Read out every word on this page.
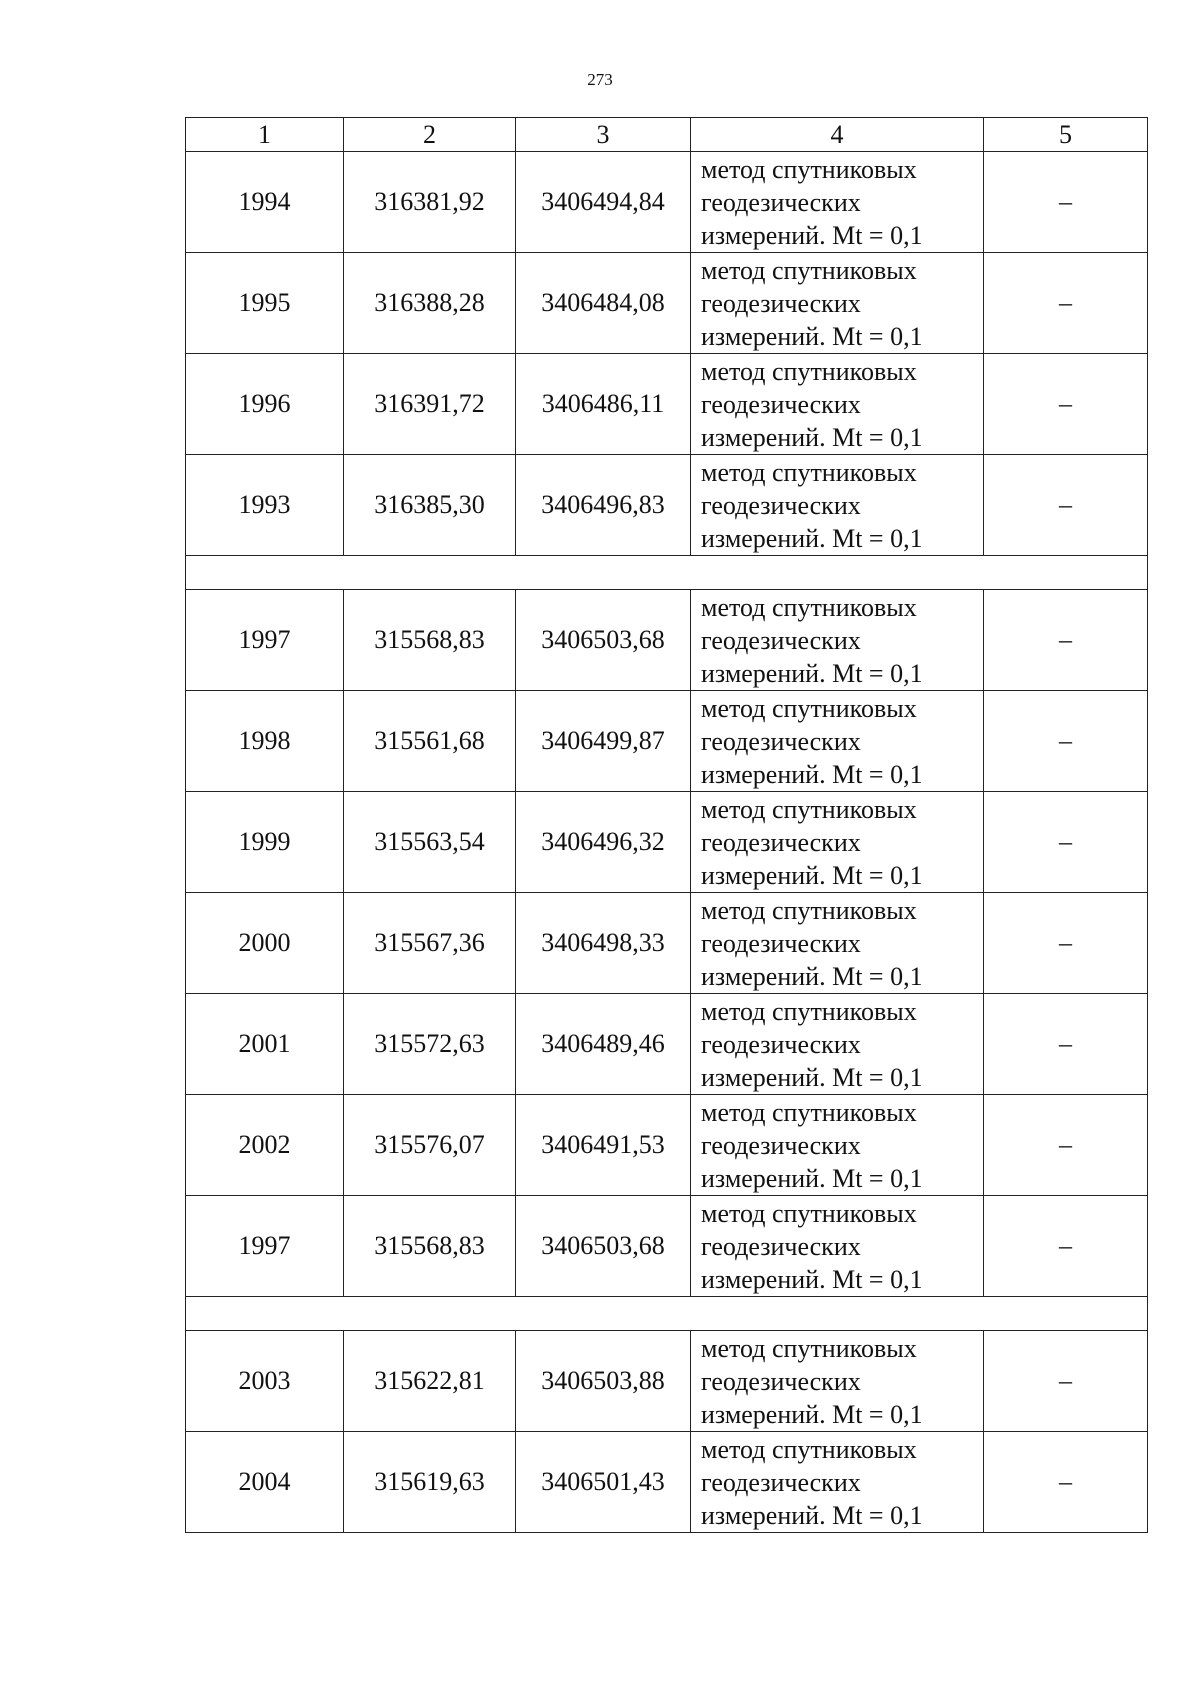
273
1	2	3	4	5
1994	316381,92	3406494,84	метод спутниковых
геодезических
измерений. Mt = 0,1	–
1995	316388,28	3406484,08	метод спутниковых
геодезических
измерений. Mt = 0,1	–
1996	316391,72	3406486,11	метод спутниковых
геодезических
измерений. Mt = 0,1	–
1993	316385,30	3406496,83	метод спутниковых
геодезических
измерений. Mt = 0,1	–

1997	315568,83	3406503,68	метод спутниковых
геодезических
измерений. Mt = 0,1	–
1998	315561,68	3406499,87	метод спутниковых
геодезических
измерений. Mt = 0,1	–
1999	315563,54	3406496,32	метод спутниковых
геодезических
измерений. Mt = 0,1	–
2000	315567,36	3406498,33	метод спутниковых
геодезических
измерений. Mt = 0,1	–
2001	315572,63	3406489,46	метод спутниковых
геодезических
измерений. Mt = 0,1	–
2002	315576,07	3406491,53	метод спутниковых
геодезических
измерений. Mt = 0,1	–
1997	315568,83	3406503,68	метод спутниковых
геодезических
измерений. Mt = 0,1	–

2003	315622,81	3406503,88	метод спутниковых
геодезических
измерений. Mt = 0,1	–
2004	315619,63	3406501,43	метод спутниковых
геодезических
измерений. Mt = 0,1	–
